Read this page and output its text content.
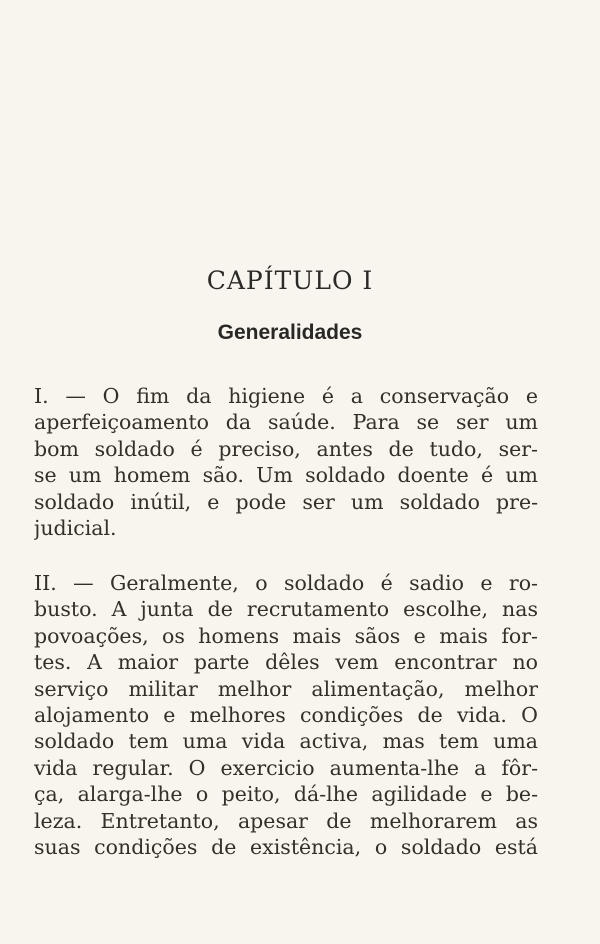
CAPÍTULO I
Generalidades
I. — O fim da higiene é a conservação e
aperfeiçoamento da saúde. Para se ser um
bom soldado é preciso, antes de tudo, ser-
se um homem são. Um soldado doente é um
soldado inútil, e pode ser um soldado pre-
judicial.
II. — Geralmente, o soldado é sadio e ro-
busto. A junta de recrutamento escolhe, nas
povoações, os homens mais sãos e mais for-
tes. A maior parte dêles vem encontrar no
serviço militar melhor alimentação, melhor
alojamento e melhores condições de vida. O
soldado tem uma vida activa, mas tem uma
vida regular. O exercicio aumenta-lhe a fôr-
ça, alarga-lhe o peito, dá-lhe agilidade e be-
leza. Entretanto, apesar de melhorarem as
suas condições de existência, o soldado está
